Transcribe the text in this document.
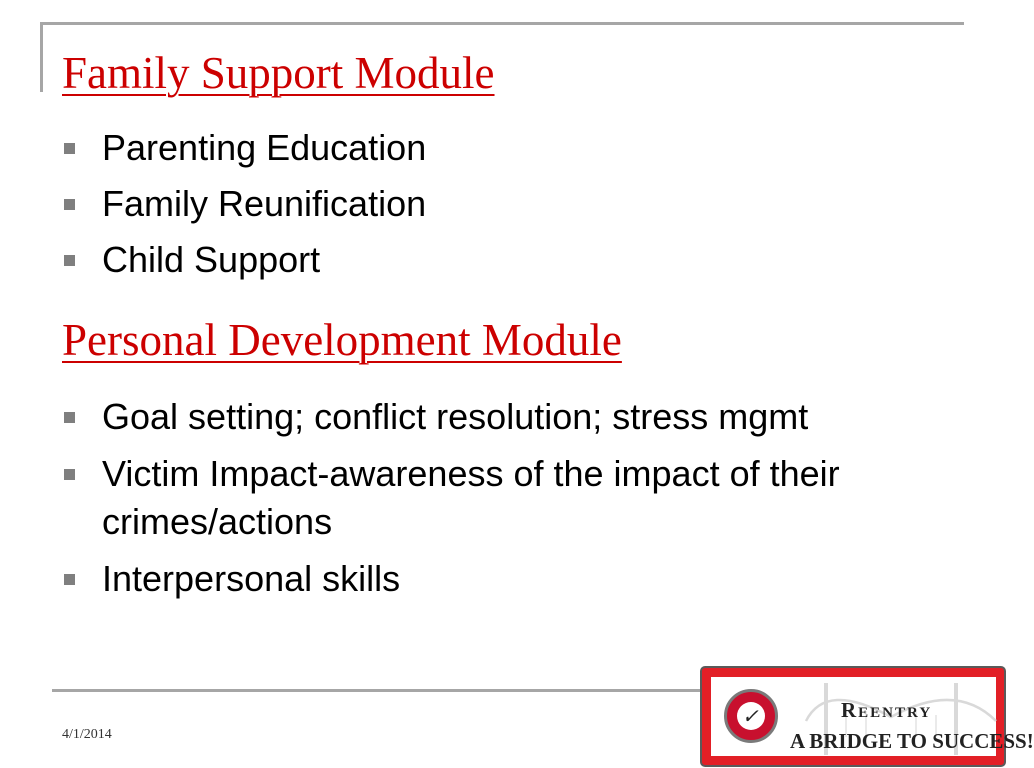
Family Support Module
Parenting Education
Family Reunification
Child Support
Personal Development Module
Goal setting; conflict resolution; stress mgmt
Victim Impact-awareness of the impact of their crimes/actions
Interpersonal skills
4/1/2014
✓	Reentry
A BRIDGE TO SUCCESS!
